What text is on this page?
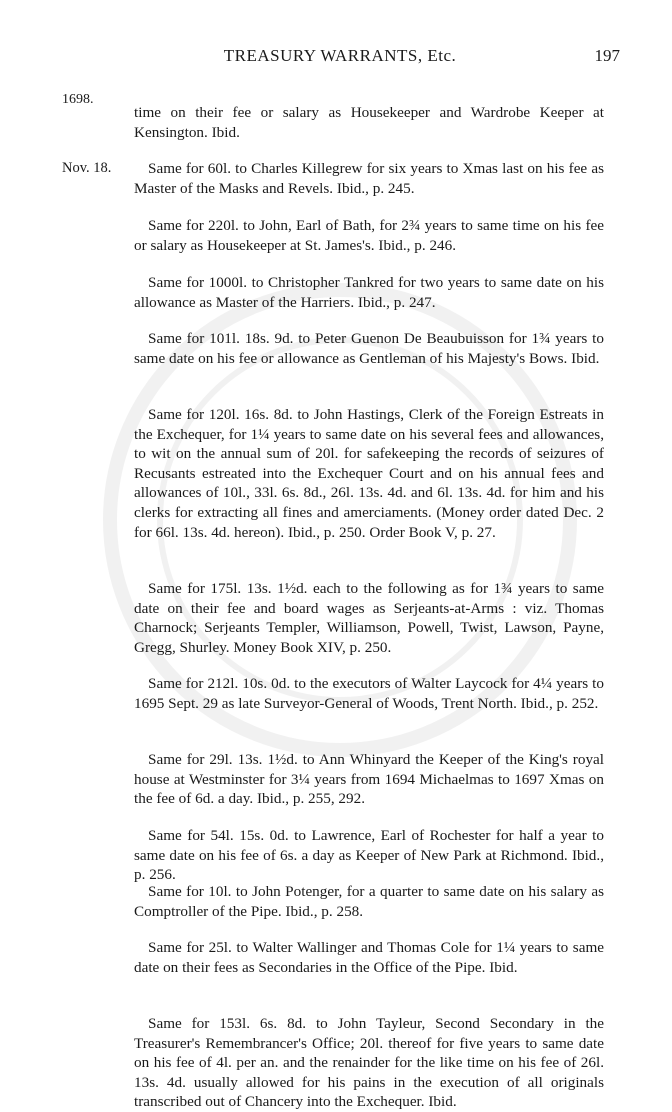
TREASURY WARRANTS, Etc.	197
1698.

time on their fee or salary as Housekeeper and Wardrobe Keeper at Kensington. Ibid.

Nov. 18.	Same for 60l. to Charles Killegrew for six years to Xmas last on his fee as Master of the Masks and Revels. Ibid., p. 245.

Same for 220l. to John, Earl of Bath, for 2¾ years to same time on his fee or salary as Housekeeper at St. James's. Ibid., p. 246.

Same for 1000l. to Christopher Tankred for two years to same date on his allowance as Master of the Harriers. Ibid., p. 247.

Same for 101l. 18s. 9d. to Peter Guenon De Beaubuisson for 1¾ years to same date on his fee or allowance as Gentleman of his Majesty's Bows. Ibid.

Same for 120l. 16s. 8d. to John Hastings, Clerk of the Foreign Estreats in the Exchequer, for 1¼ years to same date on his several fees and allowances, to wit on the annual sum of 20l. for safekeeping the records of seizures of Recusants estreated into the Exchequer Court and on his annual fees and allowances of 10l., 33l. 6s. 8d., 26l. 13s. 4d. and 6l. 13s. 4d. for him and his clerks for extracting all fines and amerciaments. (Money order dated Dec. 2 for 66l. 13s. 4d. hereon). Ibid., p. 250. Order Book V, p. 27.

Same for 175l. 13s. 1½d. each to the following as for 1¾ years to same date on their fee and board wages as Serjeants-at-Arms : viz. Thomas Charnock; Serjeants Templer, Williamson, Powell, Twist, Lawson, Payne, Gregg, Shurley. Money Book XIV, p. 250.

Same for 212l. 10s. 0d. to the executors of Walter Laycock for 4¼ years to 1695 Sept. 29 as late Surveyor-General of Woods, Trent North. Ibid., p. 252.

Same for 29l. 13s. 1½d. to Ann Whinyard the Keeper of the King's royal house at Westminster for 3¼ years from 1694 Michaelmas to 1697 Xmas on the fee of 6d. a day. Ibid., p. 255, 292.

Same for 54l. 15s. 0d. to Lawrence, Earl of Rochester for half a year to same date on his fee of 6s. a day as Keeper of New Park at Richmond. Ibid., p. 256.

Same for 10l. to John Potenger, for a quarter to same date on his salary as Comptroller of the Pipe. Ibid., p. 258.

Same for 25l. to Walter Wallinger and Thomas Cole for 1¼ years to same date on their fees as Secondaries in the Office of the Pipe. Ibid.

Same for 153l. 6s. 8d. to John Tayleur, Second Secondary in the Treasurer's Remembrancer's Office; 20l. thereof for five years to same date on his fee of 4l. per an. and the renainder for the like time on his fee of 26l. 13s. 4d. usually allowed for his pains in the execution of all originals transcribed out of Chancery into the Exchequer. Ibid.
